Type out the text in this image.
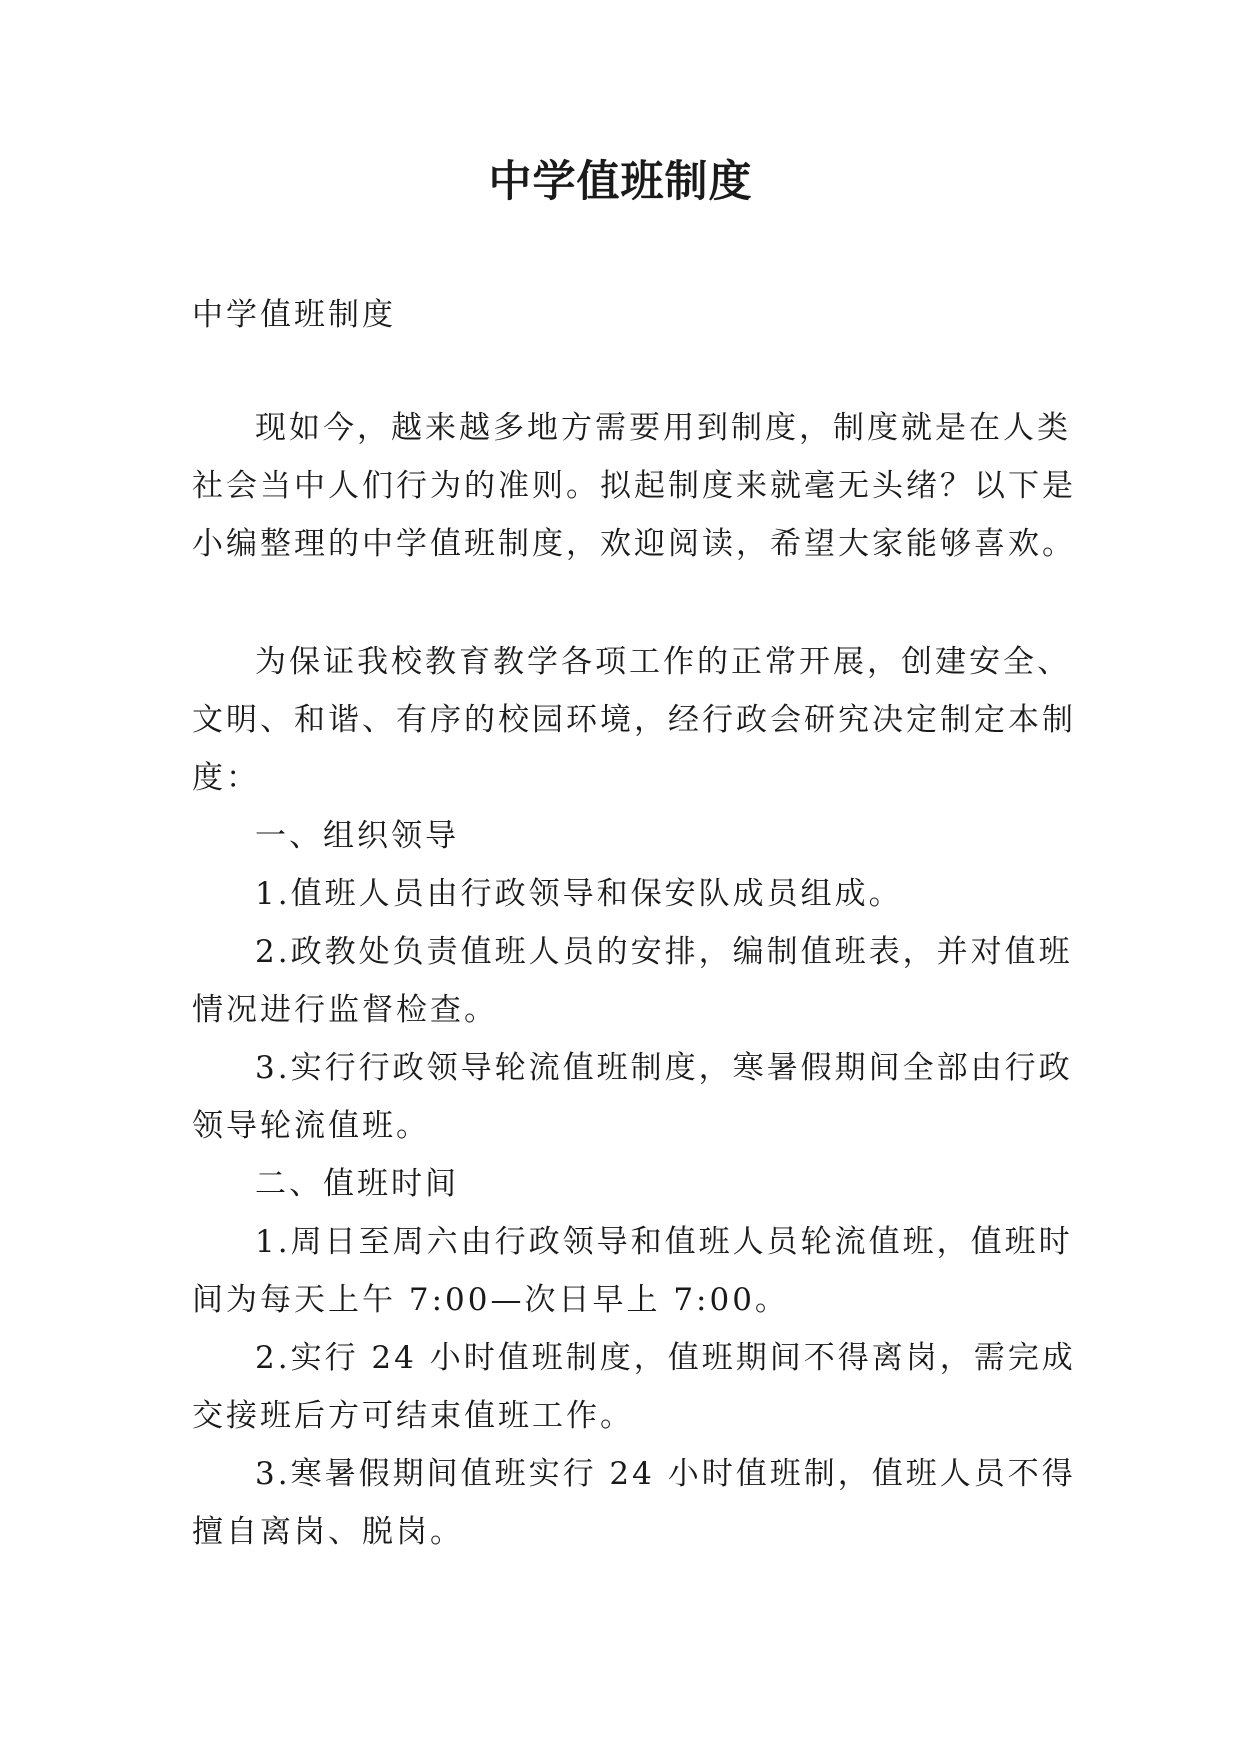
中学值班制度

中学值班制度

现如今，越来越多地方需要用到制度，制度就是在人类

社会当中人们行为的准则。拟起制度来就毫无头绪？以下是

小编整理的中学值班制度，欢迎阅读，希望大家能够喜欢。

为保证我校教育教学各项工作的正常开展，创建安全、

文明、和谐、有序的校园环境，经行政会研究决定制定本制

度：

一、组织领导

1.值班人员由行政领导和保安队成员组成。

2.政教处负责值班人员的安排，编制值班表，并对值班

情况进行监督检查。

3.实行行政领导轮流值班制度，寒暑假期间全部由行政

领导轮流值班。

二、值班时间

1.周日至周六由行政领导和值班人员轮流值班，值班时

间为每天上午 7:00—次日早上 7:00。

2.实行 24 小时值班制度，值班期间不得离岗，需完成

交接班后方可结束值班工作。

3.寒暑假期间值班实行 24 小时值班制，值班人员不得

擅自离岗、脱岗。
